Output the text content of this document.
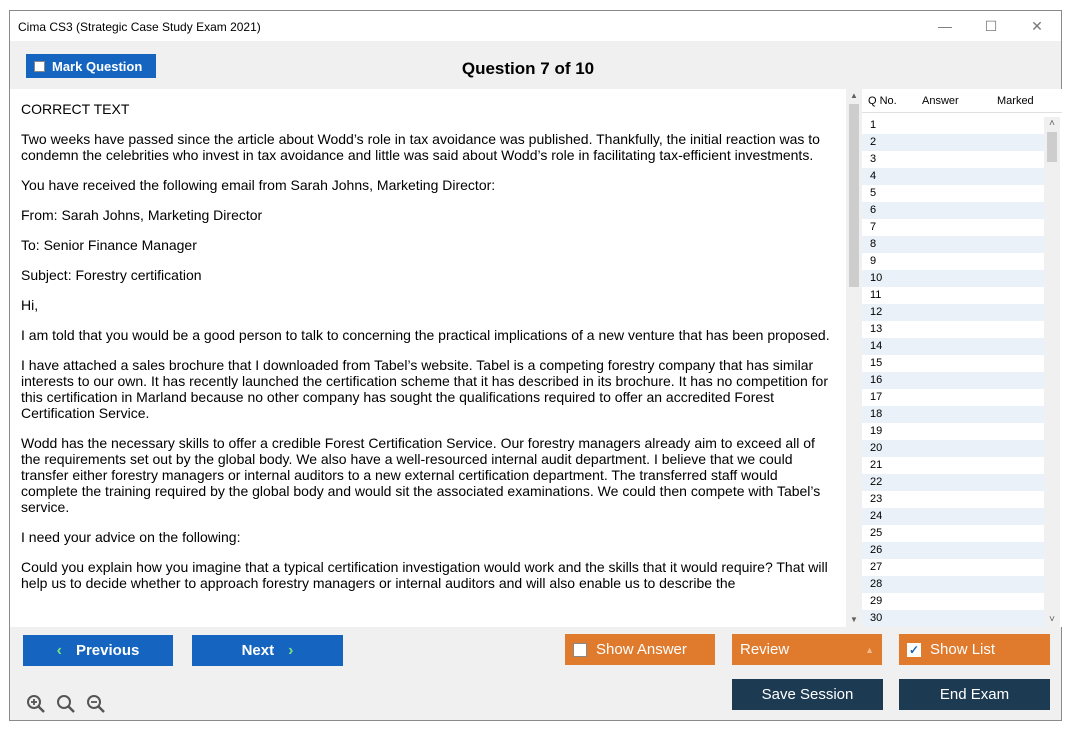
Cima CS3 (Strategic Case Study Exam 2021)	—	☐	✕
Mark Question	Question 7 of 10

CORRECT TEXT

Two weeks have passed since the article about Wodd’s role in tax avoidance was published. Thankfully, the initial reaction was to condemn the celebrities who invest in tax avoidance and little was said about Wodd’s role in facilitating tax-efficient investments.

You have received the following email from Sarah Johns, Marketing Director:

From: Sarah Johns, Marketing Director

To: Senior Finance Manager

Subject: Forestry certification

Hi,

I am told that you would be a good person to talk to concerning the practical implications of a new venture that has been proposed.

I have attached a sales brochure that I downloaded from Tabel’s website. Tabel is a competing forestry company that has similar interests to our own. It has recently launched the certification scheme that it has described in its brochure. It has no competition for this certification in Marland because no other company has sought the qualifications required to offer an accredited Forest Certification Service.

Wodd has the necessary skills to offer a credible Forest Certification Service. Our forestry managers already aim to exceed all of the requirements set out by the global body. We also have a well-resourced internal audit department. I believe that we could transfer either forestry managers or internal auditors to a new external certification department. The transferred staff would complete the training required by the global body and would sit the associated examinations. We could then compete with Tabel’s service.

I need your advice on the following:

Could you explain how you imagine that a typical certification investigation would work and the skills that it would require? That will help us to decide whether to approach forestry managers or internal auditors and will also enable us to describe the

▲
▼
Q No. Answer	Marked
1
2
3
4
5
6
7
8
9
10
11
12
13
14
15
16
17
18
19
20
21
22
23
24
25
26
27
28
29
30
˄
˅
‹ Previous	Next ›	Show Answer	Review	▲	✓ Show List
Save Session	End Exam
